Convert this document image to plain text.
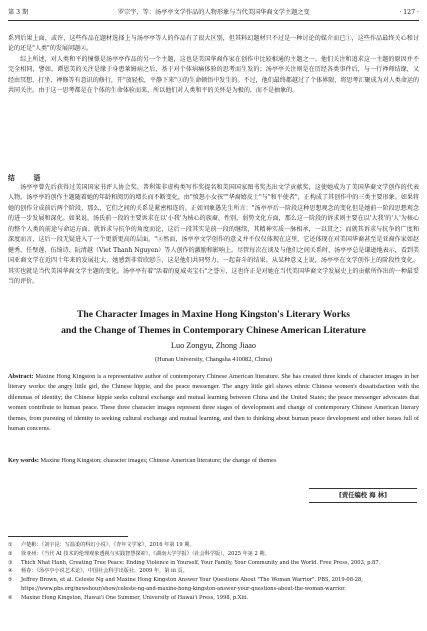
第 3 期	罗宗宇，等：汤亭亭文学作品的人物形象与当代美国华裔文学主题之变	· 127 ·

系列后果上面，或许，这些作品在题材选择上与汤亭亭等人的作品有了很大区别，但其料幻题材只不过是一种讨论的媒介而已①，这些作品最终关心和讨论的还是"人类"的发展问题②。

综上所述，对人类和平的憧憬是汤亭亭作品的另一个主题，这也是美国华裔作家在创作中比较相通的主题之一。他们关注和追求这一主题的原因并不完全相同，譬如，谭恩美的关注是缘于身患莱姆病之后，基于对个体病痛体验的思考而生发的；汤亭亭关注则是在历经各类事件后，与一行禅师结缘，又经由冥想、打坐、禅修等有意识的修行，开"放轻松，平静下来"③的生命顿悟中发生的。不过，他们最终都越过了个体界限，将思考汇聚成为对人类命运的共同关注。由于这一思考都是在个体的生命体验而来，所以他们对人类和平的关怀是为极的，而不是抽象的。

结 语

汤亭亭曾先后获得过美国国家书评人协会奖、普利策非虚构类写作奖提名和美国国家图书奖杰出文学贡献奖，这使她成为了美国华裔文学创作的代表人物。汤亭亭的创作主题随着她的年龄和阅历的增长而不断变化，由"愤怒小女孩""华裔嬉皮士"与"和平使者"，正构成了其创作中的三类主要形象。如果将她的创作分成前后两个阶段，那么，它们之间的关系是紧密相连的。正如刘象愚先生所言："汤亭亭后一阶段这种思想观念的变化但是她前一阶段思想观念的进一步发展和深化。如果说，汤氏前一段的主要诉求在以'小我'为核心的族裔、性别、弱势文化方面，那么这一阶段的诉求则主要在以'大我'的'人'为核心的整个人类的前途与命运方面。就诉求与抗争的角度而论，这后一段其实是前一段的继续，其精神实质一脉相承，一以贯之；而就其诉求与抗争的广度和深度而言，这后一段无疑进入了一个更新更高的层面。"④然而，汤亭亭文学创作的意义并不仅仅体现在这里，它还体现在对美国华裔甚至是亚裔作家如赵健秀、任璧莲、伍绮诗、阮清越（Viet Thanh Nguyen）等人创作的激励和影响上。尽管每次在谈及与他们之间关系时，汤亭亭总是谦逊地表示，看到美国亚裔文学在近四十年来的发展壮大，她感到非常欣慰⑤，这是他们共同努力、一起奋斗的结果。从某种意义上说，汤亭亭在文学创作上的阶段性变化，其实也就是当代美国华裔文学主题的变化。汤亭亭有着"活着的夏威夷宝石"之誉⑥，这也许正是对她在当代美国华裔文学发展史上的贡献所作出的一种最妥当的评价。

The Character Images in Maxine Hong Kingston's Literary Works
and the Change of Themes in Contemporary Chinese American Literature
Luo Zongyu, Zhong Jiaao
(Hunan University, Changsha 410082, China)
Abstract: Maxine Hong Kingston is a representative author of contemporary Chinese American literature. She has created three kinds of character images in her literary works: the angry little girl, the Chinese hippie, and the peace messenger. The angry little girl shows ethnic Chinese women's dissatisfaction with the dilemmas of identity; the Chinese hippie seeks cultural exchange and mutual learning between China and the United States; the peace messenger advocates that women contribute to human peace. These three character images represent three stages of development and change of contemporary Chinese American literary themes, from pursuing of identity to seeking cultural exchange and mutual learning, and then to thinking about human peace development and other issues full of human concerns.
Key words: Maxine Hong Kingston; character images; Chinese American literature; the change of themes
[责任编校 海 林]
①	卢楚彬：《刘宇昆：写温柔的科幻小说》，《青年文学家》，2016 年第 19 期。
②	徐亚州：《当代 AI 技术的伦理观象透视与实践智慧探索》，《湖南大学学报》（社会科学版），2025 年第 2 期。
③	Thich Nhat Hanh, Creating True Peace: Ending Violence in Yourself, Your Family, Your Community and the World. Free Press, 2003, p.87.
④	杨春：《汤亭亭小说艺术论》，中国社会科学出版社，2009 年，第 iii 页。
⑤	Jeffrey Brown, et al. Celeste Ng and Maxine Hong Kingston Answer Your Questions About "The Woman Warrior". PBS, 2019-08-28, https://www.pbs.org/newshour/show/celeste-ng-and-maxine-hong-kingston-answer-your-questions-about-the-woman-warrior.
⑥	Maxine Hong Kingston, Hawai'i One Summer, University of Hawai'i Press, 1998, p.Xiii.
